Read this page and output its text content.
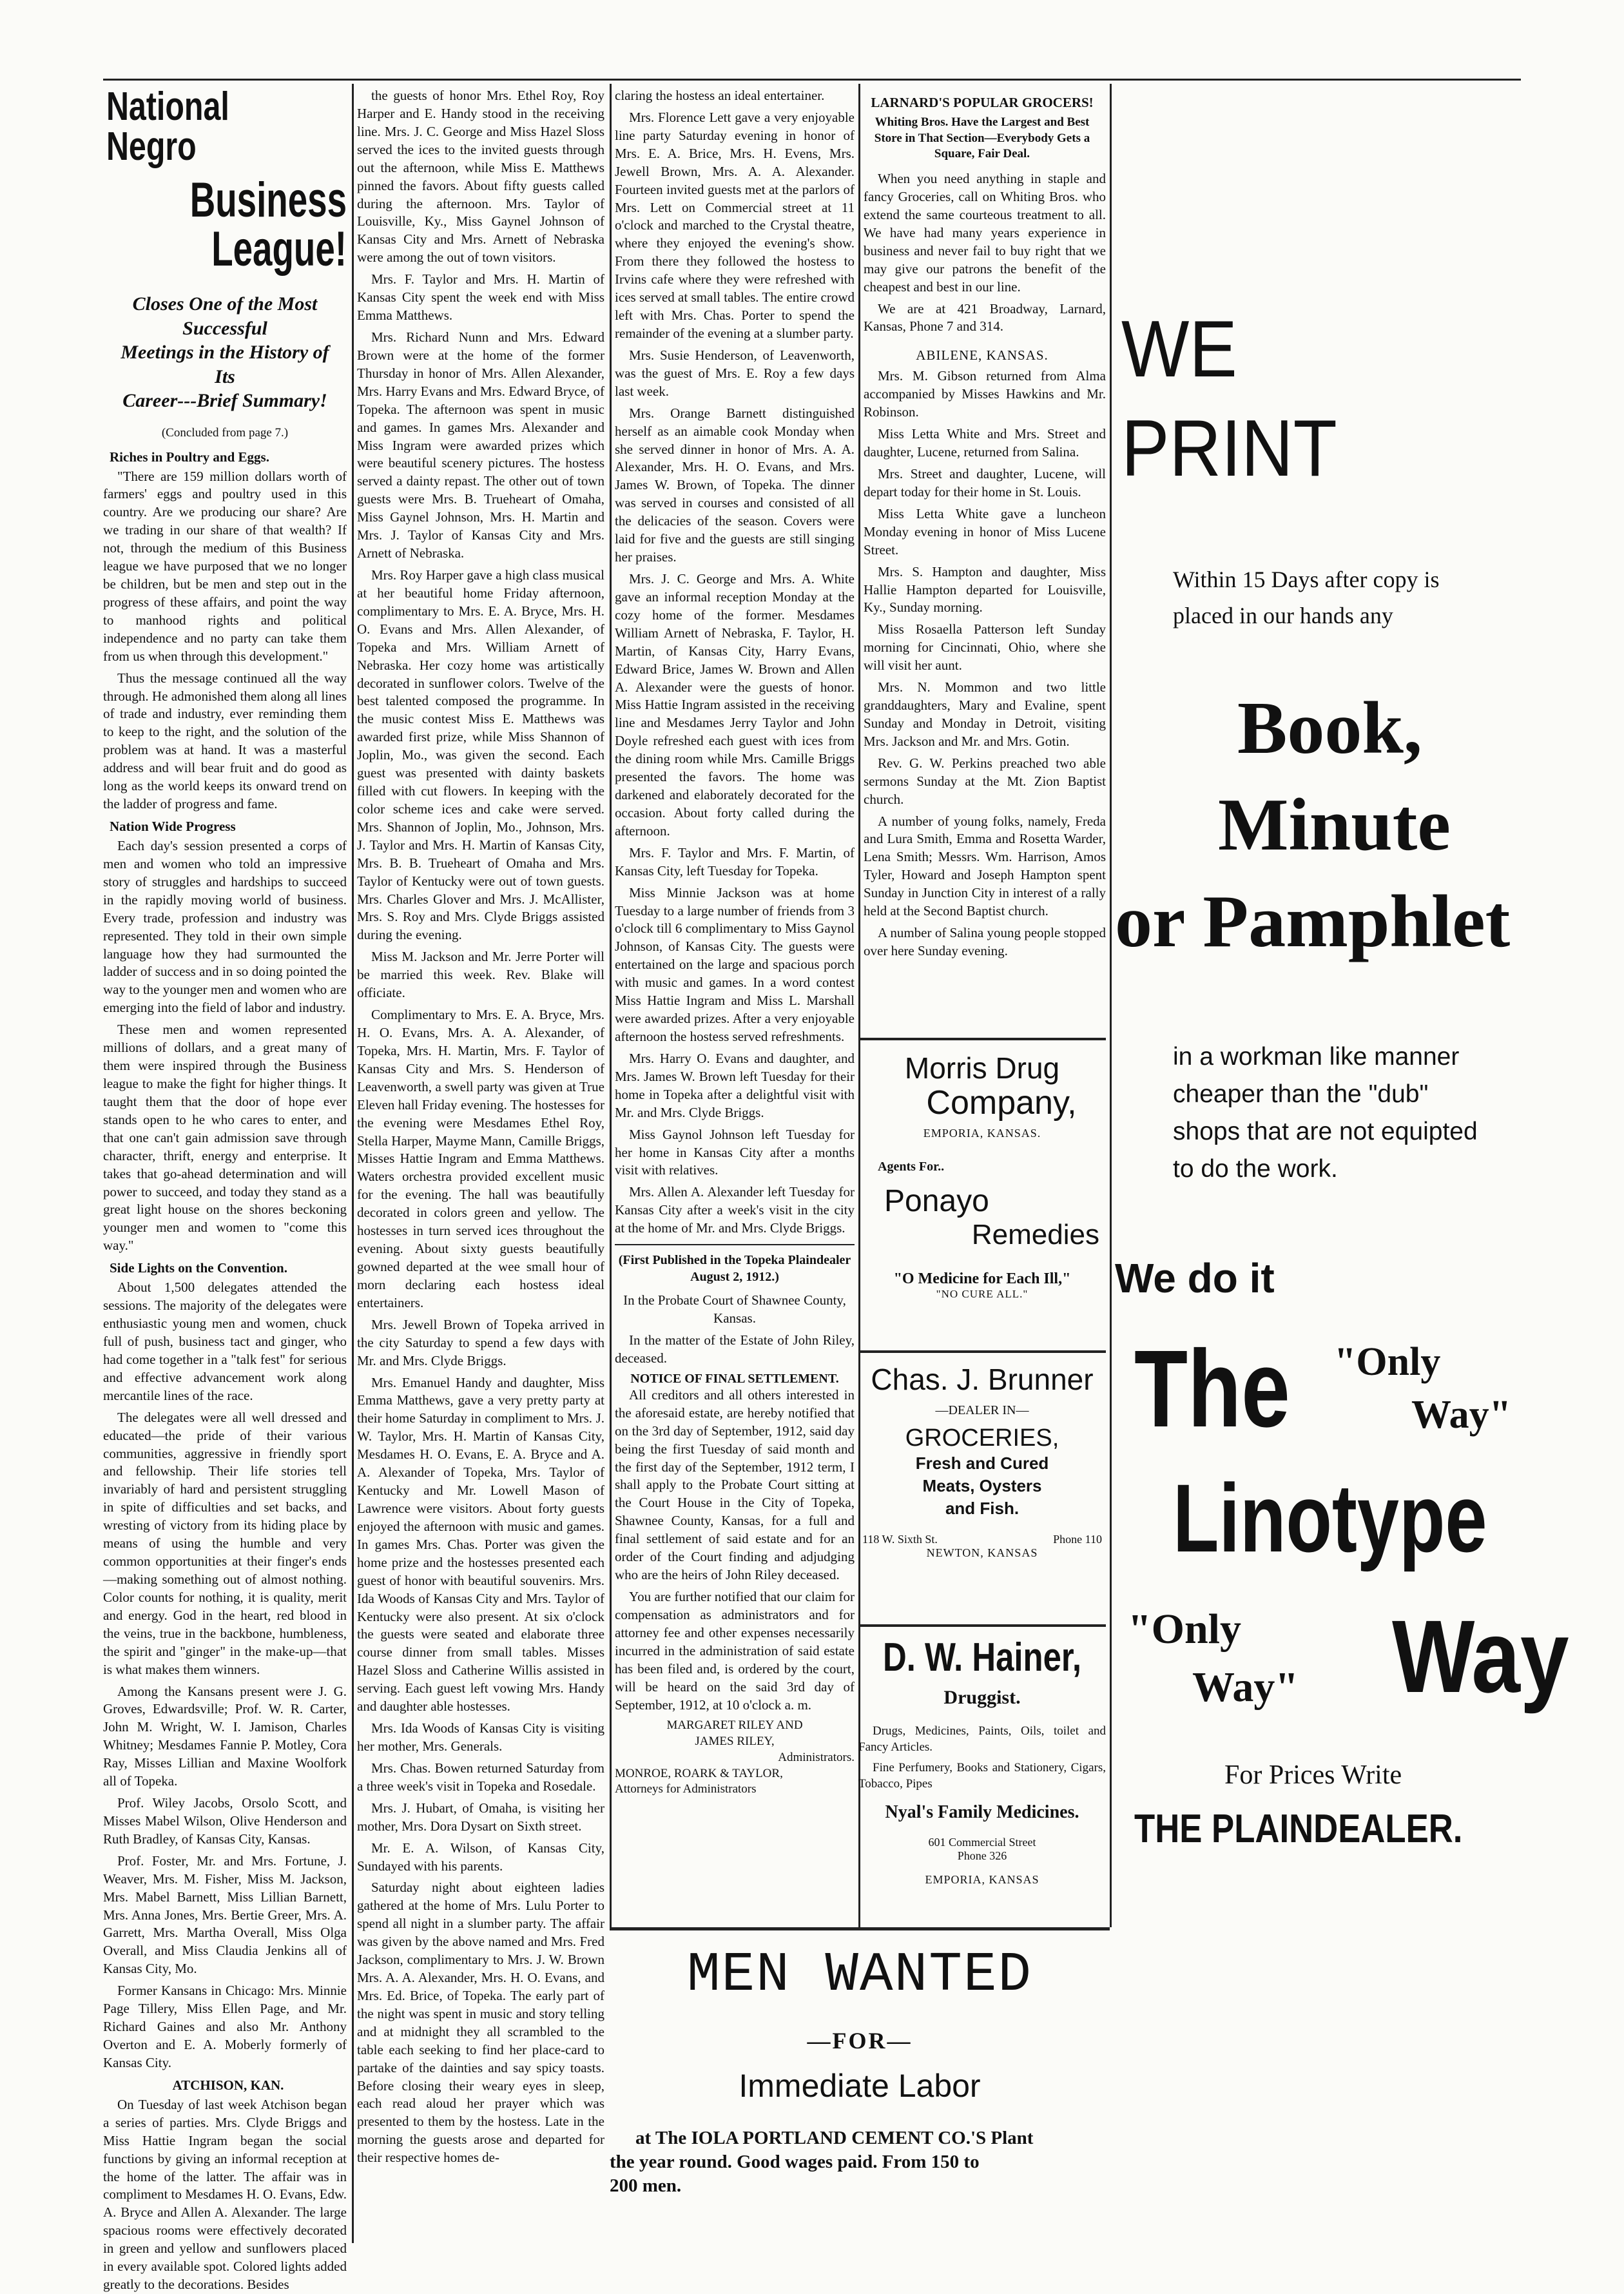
National Negro
Business League!
Closes One of the Most Successful
Meetings in the History of Its
Career---Brief Summary!
(Concluded from page 7.)
Riches in Poultry and Eggs.

"There are 159 million dollars worth of farmers' eggs and poultry used in this country. Are we producing our share? Are we trading in our share of that wealth? If not, through the medium of this Business league we have purposed that we no longer be children, but be men and step out in the progress of these affairs, and point the way to manhood rights and political independence and no party can take them from us when through this development."

Thus the message continued all the way through. He admonished them along all lines of trade and industry, ever reminding them to keep to the right, and the solution of the problem was at hand. It was a masterful address and will bear fruit and do good as long as the world keeps its onward trend on the ladder of progress and fame.

Nation Wide Progress

Each day's session presented a corps of men and women who told an impressive story of struggles and hardships to succeed in the rapidly moving world of business. Every trade, profession and industry was represented. They told in their own simple language how they had surmounted the ladder of success and in so doing pointed the way to the younger men and women who are emerging into the field of labor and industry.

These men and women represented millions of dollars, and a great many of them were inspired through the Business league to make the fight for higher things. It taught them that the door of hope ever stands open to he who cares to enter, and that one can't gain admission save through character, thrift, energy and enterprise. It takes that go-ahead determination and will power to succeed, and today they stand as a great light house on the shores beckoning younger men and women to "come this way."

Side Lights on the Convention.

About 1,500 delegates attended the sessions. The majority of the delegates were enthusiastic young men and women, chuck full of push, business tact and ginger, who had come together in a "talk fest" for serious and effective advancement work along mercantile lines of the race.

The delegates were all well dressed and educated—the pride of their various communities, aggressive in friendly sport and fellowship. Their life stories tell invariably of hard and persistent struggling in spite of difficulties and set backs, and wresting of victory from its hiding place by means of using the humble and very common opportunities at their finger's ends—making something out of almost nothing. Color counts for nothing, it is quality, merit and energy. God in the heart, red blood in the veins, true in the backbone, humbleness, the spirit and "ginger" in the make-up—that is what makes them winners.

Among the Kansans present were J. G. Groves, Edwardsville; Prof. W. R. Carter, John M. Wright, W. I. Jamison, Charles Whitney; Mesdames Fannie P. Motley, Cora Ray, Misses Lillian and Maxine Woolfork all of Topeka.

Prof. Wiley Jacobs, Orsolo Scott, and Misses Mabel Wilson, Olive Henderson and Ruth Bradley, of Kansas City, Kansas.

Prof. Foster, Mr. and Mrs. Fortune, J. Weaver, Mrs. M. Fisher, Miss M. Jackson, Mrs. Mabel Barnett, Miss Lillian Barnett, Mrs. Anna Jones, Mrs. Bertie Greer, Mrs. A. Garrett, Mrs. Martha Overall, Miss Olga Overall, and Miss Claudia Jenkins all of Kansas City, Mo.

Former Kansans in Chicago: Mrs. Minnie Page Tillery, Miss Ellen Page, and Mr. Richard Gaines and also Mr. Anthony Overton and E. A. Moberly formerly of Kansas City.

ATCHISON, KAN.

On Tuesday of last week Atchison began a series of parties. Mrs. Clyde Briggs and Miss Hattie Ingram began the social functions by giving an informal reception at the home of the latter. The affair was in compliment to Mesdames H. O. Evans, Edw. A. Bryce and Allen A. Alexander. The large spacious rooms were effectively decorated in green and yellow and sunflowers placed in every available spot. Colored lights added greatly to the decorations. Besides

the guests of honor Mrs. Ethel Roy, Roy Harper and E. Handy stood in the receiving line. Mrs. J. C. George and Miss Hazel Sloss served the ices to the invited guests through out the afternoon, while Miss E. Matthews pinned the favors. About fifty guests called during the afternoon. Mrs. Taylor of Louisville, Ky., Miss Gaynel Johnson of Kansas City and Mrs. Arnett of Nebraska were among the out of town visitors.

Mrs. F. Taylor and Mrs. H. Martin of Kansas City spent the week end with Miss Emma Matthews.

Mrs. Richard Nunn and Mrs. Edward Brown were at the home of the former Thursday in honor of Mrs. Allen Alexander, Mrs. Harry Evans and Mrs. Edward Bryce, of Topeka. The afternoon was spent in music and games. In games Mrs. Alexander and Miss Ingram were awarded prizes which were beautiful scenery pictures. The hostess served a dainty repast. The other out of town guests were Mrs. B. Trueheart of Omaha, Miss Gaynel Johnson, Mrs. H. Martin and Mrs. J. Taylor of Kansas City and Mrs. Arnett of Nebraska.

Mrs. Roy Harper gave a high class musical at her beautiful home Friday afternoon, complimentary to Mrs. E. A. Bryce, Mrs. H. O. Evans and Mrs. Allen Alexander, of Topeka and Mrs. William Arnett of Nebraska. Her cozy home was artistically decorated in sunflower colors. Twelve of the best talented composed the programme. In the music contest Miss E. Matthews was awarded first prize, while Miss Shannon of Joplin, Mo., was given the second. Each guest was presented with dainty baskets filled with cut flowers. In keeping with the color scheme ices and cake were served. Mrs. Shannon of Joplin, Mo., Johnson, Mrs. J. Taylor and Mrs. H. Martin of Kansas City, Mrs. B. B. Trueheart of Omaha and Mrs. Taylor of Kentucky were out of town guests. Mrs. Charles Glover and Mrs. J. McAllister, Mrs. S. Roy and Mrs. Clyde Briggs assisted during the evening.

Miss M. Jackson and Mr. Jerre Porter will be married this week. Rev. Blake will officiate.

Complimentary to Mrs. E. A. Bryce, Mrs. H. O. Evans, Mrs. A. A. Alexander, of Topeka, Mrs. H. Martin, Mrs. F. Taylor of Kansas City and Mrs. S. Henderson of Leavenworth, a swell party was given at True Eleven hall Friday evening. The hostesses for the evening were Mesdames Ethel Roy, Stella Harper, Mayme Mann, Camille Briggs, Misses Hattie Ingram and Emma Matthews. Waters orchestra provided excellent music for the evening. The hall was beautifully decorated in colors green and yellow. The hostesses in turn served ices throughout the evening. About sixty guests beautifully gowned departed at the wee small hour of morn declaring each hostess ideal entertainers.

Mrs. Jewell Brown of Topeka arrived in the city Saturday to spend a few days with Mr. and Mrs. Clyde Briggs.

Mrs. Emanuel Handy and daughter, Miss Emma Matthews, gave a very pretty party at their home Saturday in compliment to Mrs. J. W. Taylor, Mrs. H. Martin of Kansas City, Mesdames H. O. Evans, E. A. Bryce and A. A. Alexander of Topeka, Mrs. Taylor of Kentucky and Mr. Lowell Mason of Lawrence were visitors. About forty guests enjoyed the afternoon with music and games. In games Mrs. Chas. Porter was given the home prize and the hostesses presented each guest of honor with beautiful souvenirs. Mrs. Ida Woods of Kansas City and Mrs. Taylor of Kentucky were also present. At six o'clock the guests were seated and elaborate three course dinner from small tables. Misses Hazel Sloss and Catherine Willis assisted in serving. Each guest left vowing Mrs. Handy and daughter able hostesses.

Mrs. Ida Woods of Kansas City is visiting her mother, Mrs. Generals.

Mrs. Chas. Bowen returned Saturday from a three week's visit in Topeka and Rosedale.

Mrs. J. Hubart, of Omaha, is visiting her mother, Mrs. Dora Dysart on Sixth street.

Mr. E. A. Wilson, of Kansas City, Sundayed with his parents.

Saturday night about eighteen ladies gathered at the home of Mrs. Lulu Porter to spend all night in a slumber party. The affair was given by the above named and Mrs. Fred Jackson, complimentary to Mrs. J. W. Brown Mrs. A. A. Alexander, Mrs. H. O. Evans, and Mrs. Ed. Brice, of Topeka. The early part of the night was spent in music and story telling and at midnight they all scrambled to the table each seeking to find her place-card to partake of the dainties and say spicy toasts. Before closing their weary eyes in sleep, each read aloud her prayer which was presented to them by the hostess. Late in the morning the guests arose and departed for their respective homes de-

claring the hostess an ideal entertainer.

Mrs. Florence Lett gave a very enjoyable line party Saturday evening in honor of Mrs. E. A. Brice, Mrs. H. Evens, Mrs. Jewell Brown, Mrs. A. A. Alexander. Fourteen invited guests met at the parlors of Mrs. Lett on Commercial street at 11 o'clock and marched to the Crystal theatre, where they enjoyed the evening's show. From there they followed the hostess to Irvins cafe where they were refreshed with ices served at small tables. The entire crowd left with Mrs. Chas. Porter to spend the remainder of the evening at a slumber party.

Mrs. Susie Henderson, of Leavenworth, was the guest of Mrs. E. Roy a few days last week.

Mrs. Orange Barnett distinguished herself as an aimable cook Monday when she served dinner in honor of Mrs. A. A. Alexander, Mrs. H. O. Evans, and Mrs. James W. Brown, of Topeka. The dinner was served in courses and consisted of all the delicacies of the season. Covers were laid for five and the guests are still singing her praises.

Mrs. J. C. George and Mrs. A. White gave an informal reception Monday at the cozy home of the former. Mesdames William Arnett of Nebraska, F. Taylor, H. Martin, of Kansas City, Harry Evans, Edward Brice, James W. Brown and Allen A. Alexander were the guests of honor. Miss Hattie Ingram assisted in the receiving line and Mesdames Jerry Taylor and John Doyle refreshed each guest with ices from the dining room while Mrs. Camille Briggs presented the favors. The home was darkened and elaborately decorated for the occasion. About forty called during the afternoon.

Mrs. F. Taylor and Mrs. F. Martin, of Kansas City, left Tuesday for Topeka.

Miss Minnie Jackson was at home Tuesday to a large number of friends from 3 o'clock till 6 complimentary to Miss Gaynol Johnson, of Kansas City. The guests were entertained on the large and spacious porch with music and games. In a word contest Miss Hattie Ingram and Miss L. Marshall were awarded prizes. After a very enjoyable afternoon the hostess served refreshments.

Mrs. Harry O. Evans and daughter, and Mrs. James W. Brown left Tuesday for their home in Topeka after a delightful visit with Mr. and Mrs. Clyde Briggs.

Miss Gaynol Johnson left Tuesday for her home in Kansas City after a months visit with relatives.

Mrs. Allen A. Alexander left Tuesday for Kansas City after a week's visit in the city at the home of Mr. and Mrs. Clyde Briggs.

(First Published in the Topeka Plaindealer August 2, 1912.)

In the Probate Court of Shawnee County, Kansas.

In the matter of the Estate of John Riley, deceased.

NOTICE OF FINAL SETTLEMENT.

All creditors and all others interested in the aforesaid estate, are hereby notified that on the 3rd day of September, 1912, said day being the first Tuesday of said month and the first day of the September, 1912 term, I shall apply to the Probate Court sitting at the Court House in the City of Topeka, Shawnee County, Kansas, for a full and final settlement of said estate and for an order of the Court finding and adjudging who are the heirs of John Riley deceased.

You are further notified that our claim for compensation as administrators and for attorney fee and other expenses necessarily incurred in the administration of said estate has been filed and, is ordered by the court, will be heard on the said 3rd day of September, 1912, at 10 o'clock a. m.

MARGARET RILEY AND
JAMES RILEY,
Administrators.
MONROE, ROARK & TAYLOR,
Attorneys for Administrators
LARNARD'S POPULAR GROCERS!
Whiting Bros. Have the Largest and Best Store in That Section—Everybody Gets a Square, Fair Deal.

When you need anything in staple and fancy Groceries, call on Whiting Bros. who extend the same courteous treatment to all. We have had many years experience in business and never fail to buy right that we may give our patrons the benefit of the cheapest and best in our line.

We are at 421 Broadway, Larnard, Kansas, Phone 7 and 314.

ABILENE, KANSAS.

Mrs. M. Gibson returned from Alma accompanied by Misses Hawkins and Mr. Robinson.

Miss Letta White and Mrs. Street and daughter, Lucene, returned from Salina.

Mrs. Street and daughter, Lucene, will depart today for their home in St. Louis.

Miss Letta White gave a luncheon Monday evening in honor of Miss Lucene Street.

Mrs. S. Hampton and daughter, Miss Hallie Hampton departed for Louisville, Ky., Sunday morning.

Miss Rosaella Patterson left Sunday morning for Cincinnati, Ohio, where she will visit her aunt.

Mrs. N. Mommon and two little granddaughters, Mary and Evaline, spent Sunday and Monday in Detroit, visiting Mrs. Jackson and Mr. and Mrs. Gotin.

Rev. G. W. Perkins preached two able sermons Sunday at the Mt. Zion Baptist church.

A number of young folks, namely, Freda and Lura Smith, Emma and Rosetta Warder, Lena Smith; Messrs. Wm. Harrison, Amos Tyler, Howard and Joseph Hampton spent Sunday in Junction City in interest of a rally held at the Second Baptist church.

A number of Salina young people stopped over here Sunday evening.

Morris Drug
Company,
EMPORIA, KANSAS.
Agents For..
Ponayo
Remedies
"O Medicine for Each Ill,"
"NO CURE ALL."
Chas. J. Brunner
—DEALER IN—
GROCERIES,
Fresh and Cured
Meats, Oysters
and Fish.
118 W. Sixth St.	Phone 110
NEWTON, KANSAS
D. W. Hainer,
Druggist.

Drugs, Medicines, Paints, Oils, toilet and Fancy Articles.

Fine Perfumery, Books and Stationery, Cigars, Tobacco, Pipes

Nyal's Family Medicines.
601 Commercial Street
Phone 326
EMPORIA, KANSAS
MEN WANTED
—FOR—
Immediate Labor
at The IOLA PORTLAND CEMENT CO.'S Plant
the year round. Good wages paid. From 150 to
200 men.
WE
PRINT
Within 15 Days after copy is
placed in our hands any
Book,
Minute
or Pamphlet
in a workman like manner
cheaper than the "dub"
shops that are not equipted
to do the work.
We do it
The "Only
Way"
Linotype
"Only
Way" Way
For Prices Write
THE PLAINDEALER.
